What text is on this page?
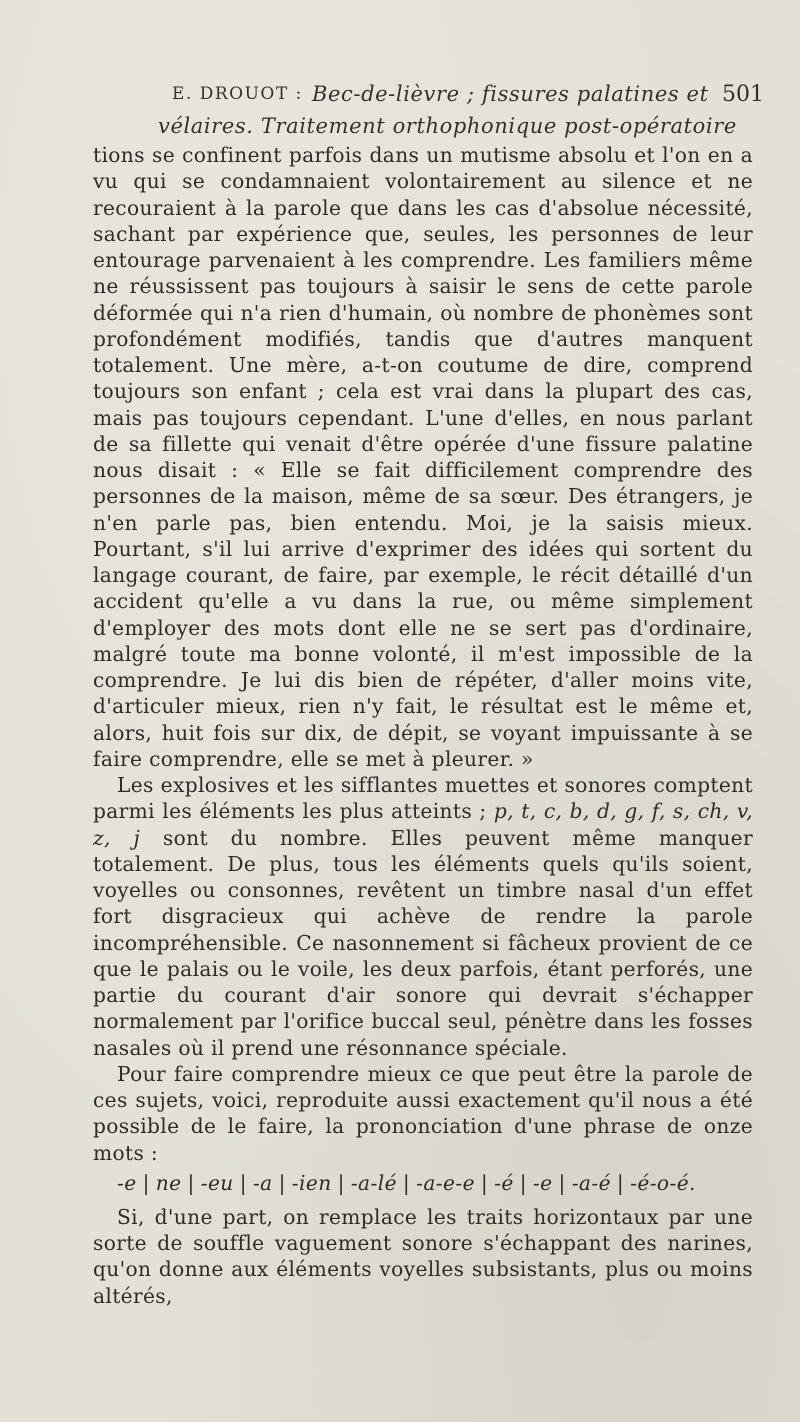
E. DROUOT : Bec-de-lièvre ; fissures palatines et 501
vélaires. Traitement orthophonique post-opératoire

tions se confinent parfois dans un mutisme absolu et l'on en a vu qui se condamnaient volontairement au silence et ne recouraient à la parole que dans les cas d'absolue nécessité, sachant par expérience que, seules, les personnes de leur entourage parvenaient à les comprendre. Les familiers même ne réussissent pas toujours à saisir le sens de cette parole déformée qui n'a rien d'humain, où nombre de phonèmes sont profondément modifiés, tandis que d'autres manquent totalement. Une mère, a-t-on coutume de dire, comprend toujours son enfant ; cela est vrai dans la plupart des cas, mais pas toujours cependant. L'une d'elles, en nous parlant de sa fillette qui venait d'être opérée d'une fissure palatine nous disait : « Elle se fait difficilement comprendre des personnes de la maison, même de sa sœur. Des étrangers, je n'en parle pas, bien entendu. Moi, je la saisis mieux. Pourtant, s'il lui arrive d'exprimer des idées qui sortent du langage courant, de faire, par exemple, le récit détaillé d'un accident qu'elle a vu dans la rue, ou même simplement d'employer des mots dont elle ne se sert pas d'ordinaire, malgré toute ma bonne volonté, il m'est impossible de la comprendre. Je lui dis bien de répéter, d'aller moins vite, d'articuler mieux, rien n'y fait, le résultat est le même et, alors, huit fois sur dix, de dépit, se voyant impuissante à se faire comprendre, elle se met à pleurer. »

Les explosives et les sifflantes muettes et sonores comptent parmi les éléments les plus atteints ; p, t, c, b, d, g, f, s, ch, v, z, j sont du nombre. Elles peuvent même manquer totalement. De plus, tous les éléments quels qu'ils soient, voyelles ou consonnes, revêtent un timbre nasal d'un effet fort disgracieux qui achève de rendre la parole incompréhensible. Ce nasonnement si fâcheux provient de ce que le palais ou le voile, les deux parfois, étant perforés, une partie du courant d'air sonore qui devrait s'échapper normalement par l'orifice buccal seul, pénètre dans les fosses nasales où il prend une résonnance spéciale.

Pour faire comprendre mieux ce que peut être la parole de ces sujets, voici, reproduite aussi exactement qu'il nous a été possible de le faire, la prononciation d'une phrase de onze mots :

-e | ne | -eu | -a | -ien | -a-lé | -a-e-e | -é | -e | -a-é | -é-o-é.

Si, d'une part, on remplace les traits horizontaux par une sorte de souffle vaguement sonore s'échappant des narines, qu'on donne aux éléments voyelles subsistants, plus ou moins altérés,
